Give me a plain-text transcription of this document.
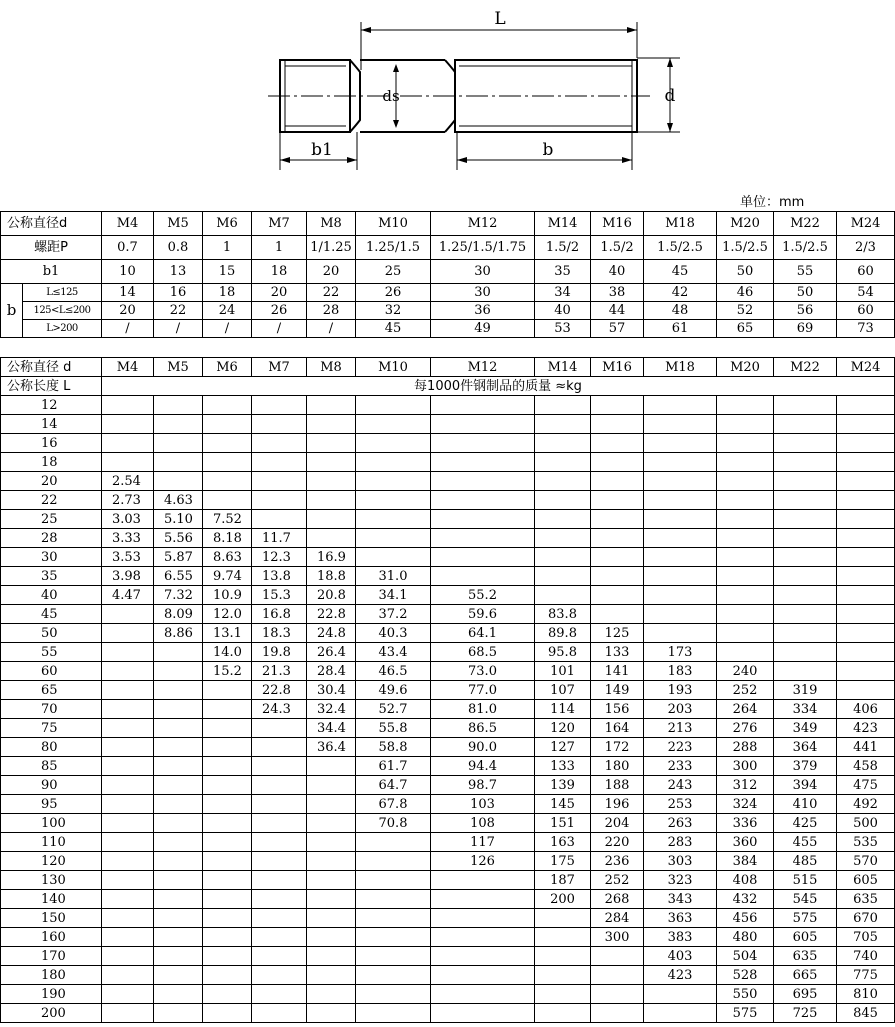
L
ds	d
b1	b
单位：mm
公称直径d		M4	M5	M6	M7	M8	M10	M12	M14	M16	M18	M20	M22	M24
螺距P		0.7	0.8	1	1	1/1.25	1.25/1.5	1.25/1.5/1.75	1.5/2	1.5/2	1.5/2.5	1.5/2.5	1.5/2.5	2/3
b1		10	13	15	18	20	25	30	35	40	45	50	55	60
b	L≤125	14	16	18	20	22	26	30	34	38	42	46	50	54
	125<L≤200	20	22	24	26	28	32	36	40	44	48	52	56	60
	L>200	/	/	/	/	/	45	49	53	57	61	65	69	73
公称直径 d	M4	M5	M6	M7	M8	M10	M12	M14	M16	M18	M20	M22	M24
公称长度 L	每1000件钢制品的质量 ≈kg												
12													
14													
16													
18													
20	2.54												
22	2.73	4.63											
25	3.03	5.10	7.52										
28	3.33	5.56	8.18	11.7									
30	3.53	5.87	8.63	12.3	16.9								
35	3.98	6.55	9.74	13.8	18.8	31.0							
40	4.47	7.32	10.9	15.3	20.8	34.1	55.2						
45		8.09	12.0	16.8	22.8	37.2	59.6	83.8					
50		8.86	13.1	18.3	24.8	40.3	64.1	89.8	125				
55			14.0	19.8	26.4	43.4	68.5	95.8	133	173			
60			15.2	21.3	28.4	46.5	73.0	101	141	183	240		
65				22.8	30.4	49.6	77.0	107	149	193	252	319	
70				24.3	32.4	52.7	81.0	114	156	203	264	334	406
75					34.4	55.8	86.5	120	164	213	276	349	423
80					36.4	58.8	90.0	127	172	223	288	364	441
85						61.7	94.4	133	180	233	300	379	458
90						64.7	98.7	139	188	243	312	394	475
95						67.8	103	145	196	253	324	410	492
100						70.8	108	151	204	263	336	425	500
110							117	163	220	283	360	455	535
120							126	175	236	303	384	485	570
130								187	252	323	408	515	605
140								200	268	343	432	545	635
150									284	363	456	575	670
160									300	383	480	605	705
170										403	504	635	740
180										423	528	665	775
190											550	695	810
200											575	725	845
